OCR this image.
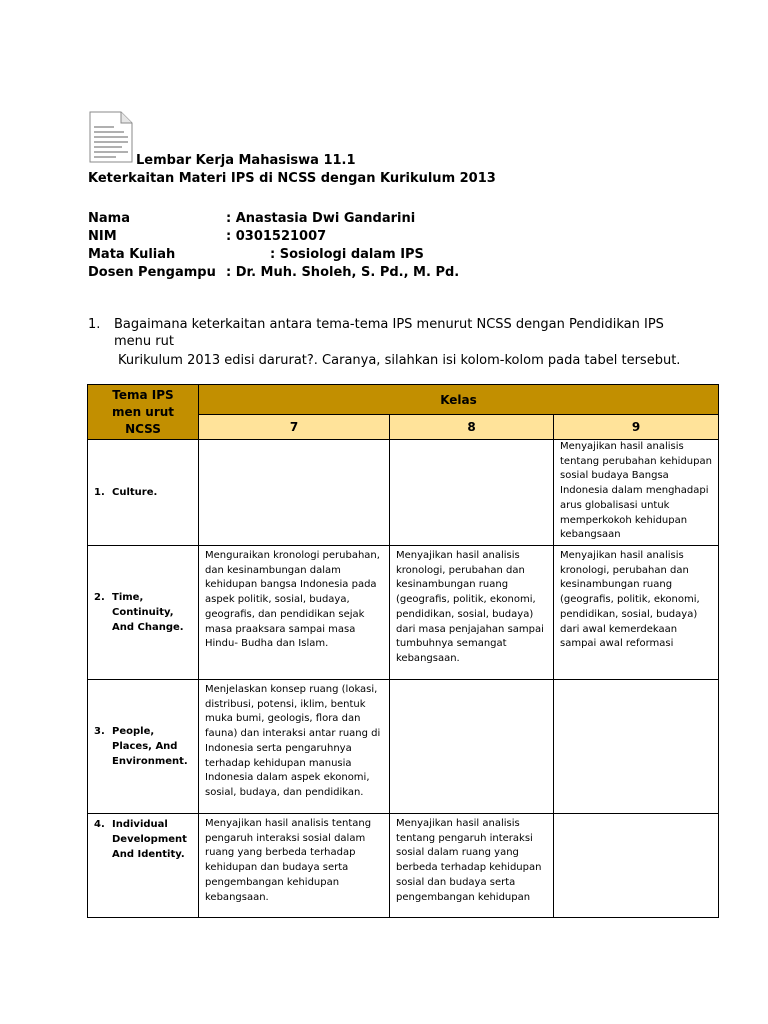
Lembar Kerja Mahasiswa 11.1
Keterkaitan Materi IPS di NCSS dengan Kurikulum 2013
Nama	: Anastasia Dwi Gandarini
NIM	: 0301521007
Mata Kuliah	: Sosiologi dalam IPS
Dosen Pengampu : Dr. Muh. Sholeh, S. Pd., M. Pd.
1. Bagaimana keterkaitan antara tema-tema IPS menurut NCSS dengan Pendidikan IPS menu rut
Kurikulum 2013 edisi darurat?. Caranya, silahkan isi kolom-kolom pada tabel tersebut.
Tema IPS men urut NCSS	Kelas		
	7	8	9

1. Culture.			Menyajikan hasil analisis tentang perubahan kehidupan sosial budaya Bangsa Indonesia dalam menghadapi arus globalisasi untuk memperkokoh kehidupan kebangsaan

2. Time, Continuity, And Change.	Menguraikan kronologi perubahan, dan kesinambungan dalam kehidupan bangsa Indonesia pada aspek politik, sosial, budaya, geografis, dan pendidikan sejak masa praaksara sampai masa Hindu- Budha dan Islam.	Menyajikan hasil analisis kronologi, perubahan dan kesinambungan ruang (geografis, politik, ekonomi, pendidikan, sosial, budaya) dari masa penjajahan sampai tumbuhnya semangat kebangsaan.	Menyajikan hasil analisis kronologi, perubahan dan kesinambungan ruang (geografis, politik, ekonomi, pendidikan, sosial, budaya) dari awal kemerdekaan sampai awal reformasi

3. People, Places, And Environment.	Menjelaskan konsep ruang (lokasi, distribusi, potensi, iklim, bentuk muka bumi, geologis, flora dan fauna) dan interaksi antar ruang di Indonesia serta pengaruhnya terhadap kehidupan manusia Indonesia dalam aspek ekonomi, sosial, budaya, dan pendidikan.		

4. Individual Development And Identity.	Menyajikan hasil analisis tentang pengaruh interaksi sosial dalam ruang yang berbeda terhadap kehidupan dan budaya serta pengembangan kehidupan kebangsaan.	Menyajikan hasil analisis tentang pengaruh interaksi sosial dalam ruang yang berbeda terhadap kehidupan sosial dan budaya serta pengembangan kehidupan	
